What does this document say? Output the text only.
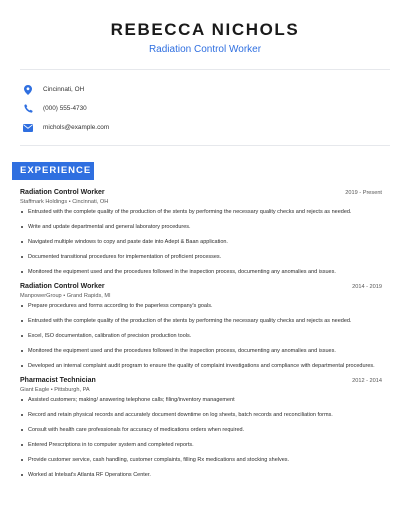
REBECCA NICHOLS
Radiation Control Worker
Cincinnati, OH
(000) 555-4730
michols@example.com
EXPERIENCE
Radiation Control Worker	2019 - Present
Staffmark Holdings • Cincinnati, OH
Entrusted with the complete quality of the production of the stents by performing the necessary quality checks and rejects as needed.
Write and update departmental and general laboratory procedures.
Navigated multiple windows to copy and paste date into Adept & Baan application.
Documented transitional procedures for implementation of proficient processes.
Monitored the equipment used and the procedures followed in the inspection process, documenting any anomalies and issues.
Radiation Control Worker	2014 - 2019
ManpowerGroup • Grand Rapids, MI
Prepare procedures and forms according to the paperless company's goals.
Entrusted with the complete quality of the production of the stents by performing the necessary quality checks and rejects as needed.
Excel, ISO documentation, calibration of precision production tools.
Monitored the equipment used and the procedures followed in the inspection process, documenting any anomalies and issues.
Developed an internal complaint audit program to ensure the quality of complaint investigations and compliance with departmental procedures.
Pharmacist Technician	2012 - 2014
Giant Eagle • Pittsburgh, PA
Assisted customers; making/ answering telephone calls; filing/inventory management
Record and retain physical records and accurately document downtime on log sheets, batch records and reconciliation forms.
Consult with health care professionals for accuracy of medications orders when required.
Entered Prescriptions in to computer system and completed reports.
Provide customer service, cash handling, customer complaints, filling Rx medications and stocking shelves.
Worked at Intelsat's Atlanta RF Operations Center.
